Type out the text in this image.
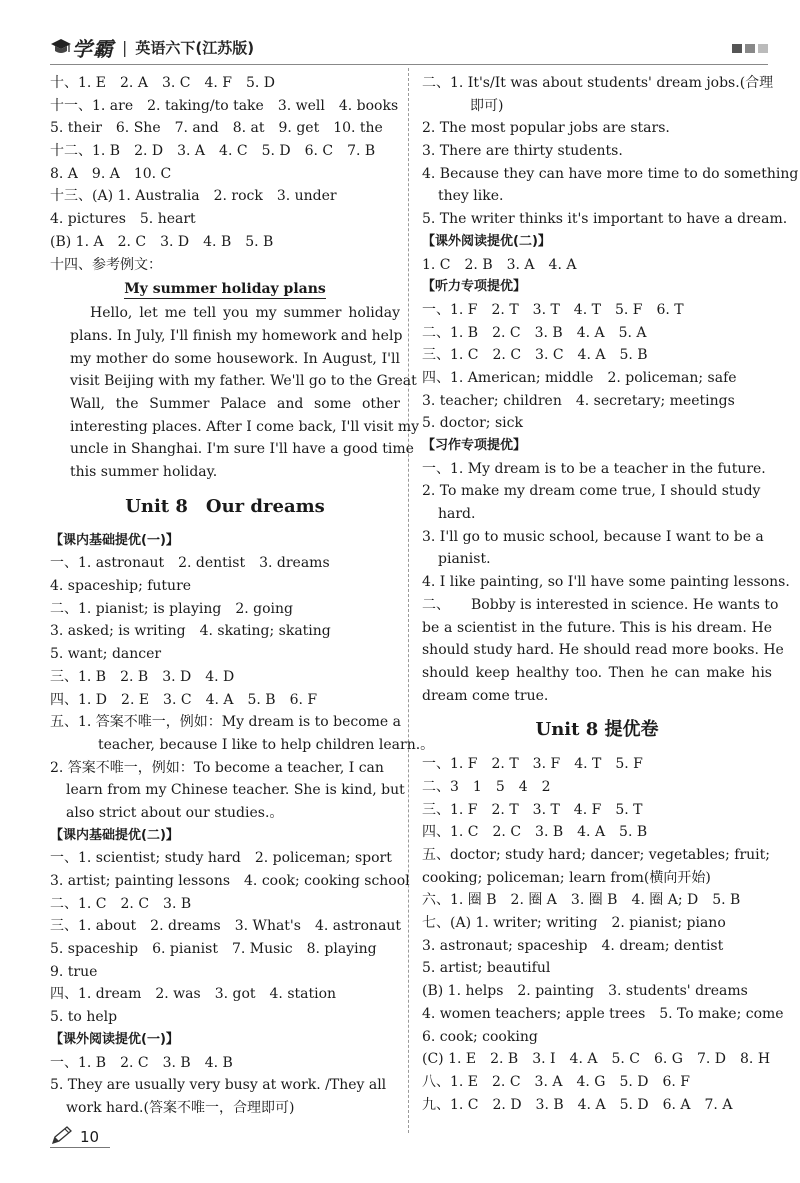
学霸 | 英语六下(江苏版)
十、1. E　2. A　3. C　4. F　5. D
十一、1. are　2. taking/to take　3. well　4. books
5. their　6. She　7. and　8. at　9. get　10. the
十二、1. B　2. D　3. A　4. C　5. D　6. C　7. B
8. A　9. A　10. C
十三、(A) 1. Australia　2. rock　3. under
4. pictures　5. heart
(B) 1. A　2. C　3. D　4. B　5. B
十四、参考例文：
My summer holiday plans
Hello, let me tell you my summer holiday
plans. In July, I'll finish my homework and help
my mother do some housework. In August, I'll
visit Beijing with my father. We'll go to the Great
Wall, the Summer Palace and some other
interesting places. After I come back, I'll visit my
uncle in Shanghai. I'm sure I'll have a good time
this summer holiday.
Unit 8　Our dreams
【课内基础提优(一)】
一、1. astronaut　2. dentist　3. dreams
4. spaceship; future
二、1. pianist; is playing　2. going
3. asked; is writing　4. skating; skating
5. want; dancer
三、1. B　2. B　3. D　4. D
四、1. D　2. E　3. C　4. A　5. B　6. F
五、1. 答案不唯一，例如：My dream is to become a
teacher, because I like to help children learn.。
2. 答案不唯一，例如：To become a teacher, I can
learn from my Chinese teacher. She is kind, but
also strict about our studies.。
【课内基础提优(二)】
一、1. scientist; study hard　2. policeman; sport
3. artist; painting lessons　4. cook; cooking school
二、1. C　2. C　3. B
三、1. about　2. dreams　3. What's　4. astronaut
5. spaceship　6. pianist　7. Music　8. playing
9. true
四、1. dream　2. was　3. got　4. station
5. to help
【课外阅读提优(一)】
一、1. B　2. C　3. B　4. B
5. They are usually very busy at work. /They all
work hard.(答案不唯一，合理即可)
二、1. It's/It was about students' dream jobs.(合理
即可)
2. The most popular jobs are stars.
3. There are thirty students.
4. Because they can have more time to do something
they like.
5. The writer thinks it's important to have a dream.
【课外阅读提优(二)】
1. C　2. B　3. A　4. A
【听力专项提优】
一、1. F　2. T　3. T　4. T　5. F　6. T
二、1. B　2. C　3. B　4. A　5. A
三、1. C　2. C　3. C　4. A　5. B
四、1. American; middle　2. policeman; safe
3. teacher; children　4. secretary; meetings
5. doctor; sick
【习作专项提优】
一、1. My dream is to be a teacher in the future.
2. To make my dream come true, I should study
hard.
3. I'll go to music school, because I want to be a
pianist.
4. I like painting, so I'll have some painting lessons.
二、　　Bobby is interested in science. He wants to
be a scientist in the future. This is his dream. He
should study hard. He should read more books. He
should keep healthy too. Then he can make his
dream come true.
Unit 8 提优卷
一、1. F　2. T　3. F　4. T　5. F
二、3　1　5　4　2
三、1. F　2. T　3. T　4. F　5. T
四、1. C　2. C　3. B　4. A　5. B
五、doctor; study hard; dancer; vegetables; fruit;
cooking; policeman; learn from(横向开始)
六、1. 圈 B　2. 圈 A　3. 圈 B　4. 圈 A; D　5. B
七、(A) 1. writer; writing　2. pianist; piano
3. astronaut; spaceship　4. dream; dentist
5. artist; beautiful
(B) 1. helps　2. painting　3. students' dreams
4. women teachers; apple trees　5. To make; come
6. cook; cooking
(C) 1. E　2. B　3. I　4. A　5. C　6. G　7. D　8. H
八、1. E　2. C　3. A　4. G　5. D　6. F
九、1. C　2. D　3. B　4. A　5. D　6. A　7. A
10
